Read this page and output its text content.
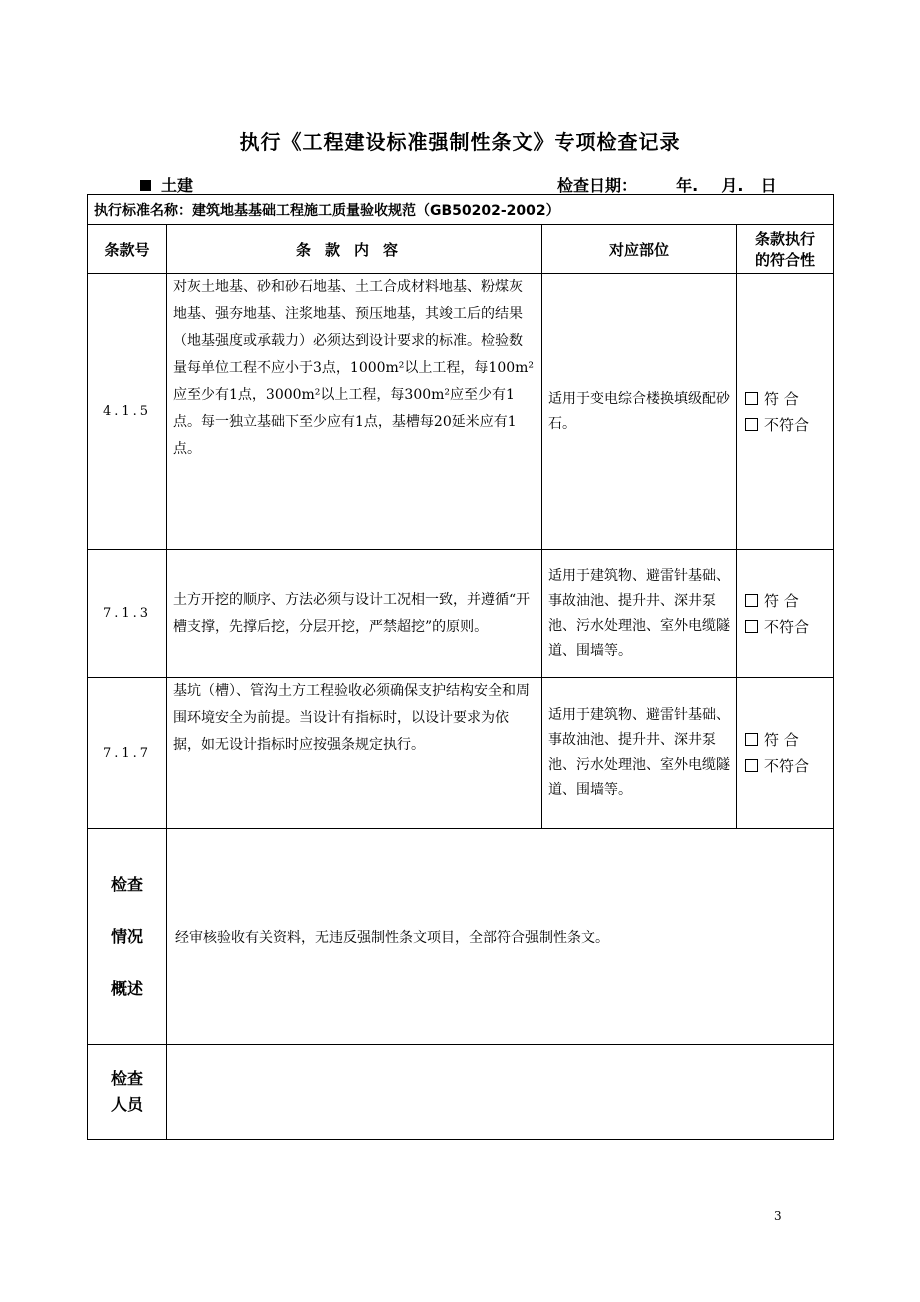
执行《工程建设标准强制性条文》专项检查记录
土建	检查日期： 年. 月. 日
执行标准名称：建筑地基基础工程施工质量验收规范（GB50202-2002）			
条款号	条款内容	对应部位	条款执行
的符合性

4.1.5	对灰土地基、砂和砂石地基、土工合成材料地基、粉煤灰地基、强夯地基、注浆地基、预压地基，其竣工后的结果（地基强度或承载力）必须达到设计要求的标准。检验数量每单位工程不应小于3点，1000m²以上工程，每100m²应至少有1点，3000m²以上工程，每300m²应至少有1点。每一独立基础下至少应有1点，基槽每20延米应有1点。	适用于变电综合楼换填级配砂石。	符 合
不符合

7.1.3	土方开挖的顺序、方法必须与设计工况相一致，并遵循“开槽支撑，先撑后挖，分层开挖，严禁超挖”的原则。	适用于建筑物、避雷针基础、事故油池、提升井、深井泵池、污水处理池、室外电缆隧道、围墙等。	符 合
不符合

7.1.7	基坑（槽）、管沟土方工程验收必须确保支护结构安全和周围环境安全为前提。当设计有指标时，以设计要求为依据，如无设计指标时应按强条规定执行。	适用于建筑物、避雷针基础、事故油池、提升井、深井泵池、污水处理池、室外电缆隧道、围墙等。	符 合
不符合

检查
情况
概述	经审核验收有关资料，无违反强制性条文项目，全部符合强制性条文。		

检查
人员			

3
